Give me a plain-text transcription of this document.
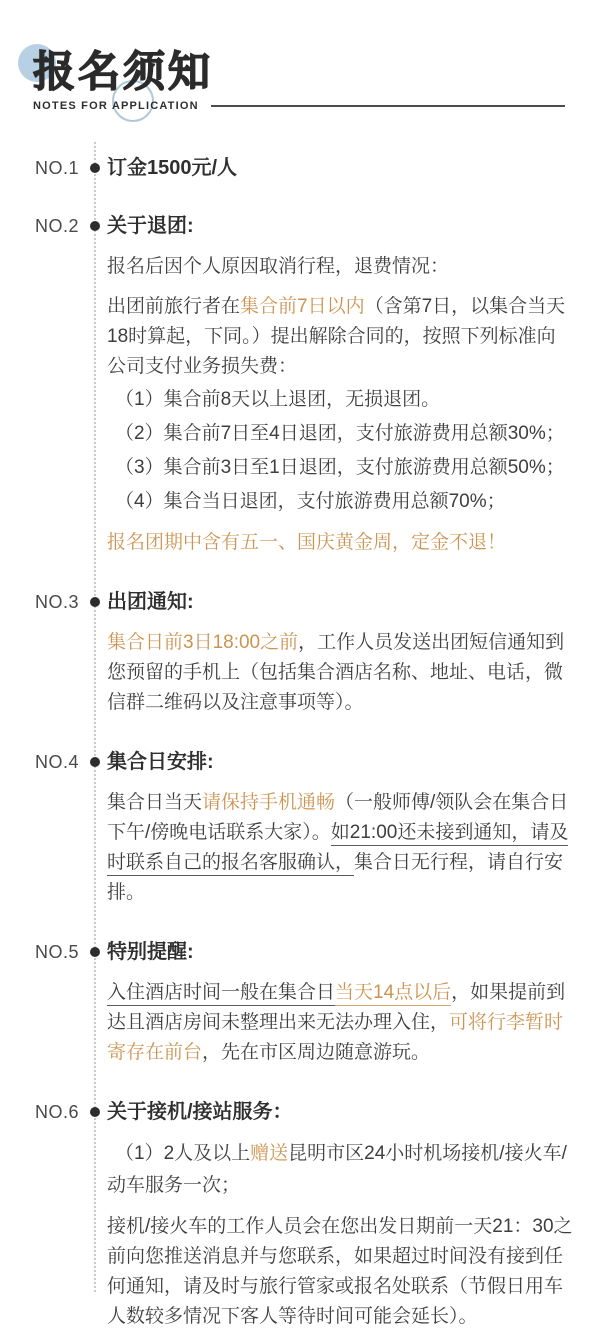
报名须知
NOTES FOR APPLICATION
NO.1 订金1500元/人
NO.2 关于退团:

报名后因个人原因取消行程，退费情况：

出团前旅行者在集合前7日以内（含第7日，以集合当天18时算起，下同。）提出解除合同的，按照下列标准向公司支付业务损失费：

（1）集合前8天以上退团，无损退团。

（2）集合前7日至4日退团，支付旅游费用总额30%；

（3）集合前3日至1日退团，支付旅游费用总额50%；

（4）集合当日退团，支付旅游费用总额70%；

报名团期中含有五一、国庆黄金周，定金不退！

NO.3 出团通知:

集合日前3日18:00之前，工作人员发送出团短信通知到您预留的手机上（包括集合酒店名称、地址、电话，微信群二维码以及注意事项等）。

NO.4 集合日安排:

集合日当天请保持手机通畅（一般师傅/领队会在集合日下午/傍晚电话联系大家）。如21:00还未接到通知，请及时联系自己的报名客服确认，集合日无行程，请自行安排。

NO.5 特别提醒:

入住酒店时间一般在集合日当天14点以后，如果提前到达且酒店房间未整理出来无法办理入住，可将行李暂时寄存在前台，先在市区周边随意游玩。

NO.6 关于接机/接站服务：

（1）2人及以上赠送昆明市区24小时机场接机/接火车/动车服务一次；

接机/接火车的工作人员会在您出发日期前一天21：30之前向您推送消息并与您联系，如果超过时间没有接到任何通知，请及时与旅行管家或报名处联系（节假日用车人数较多情况下客人等待时间可能会延长）。
